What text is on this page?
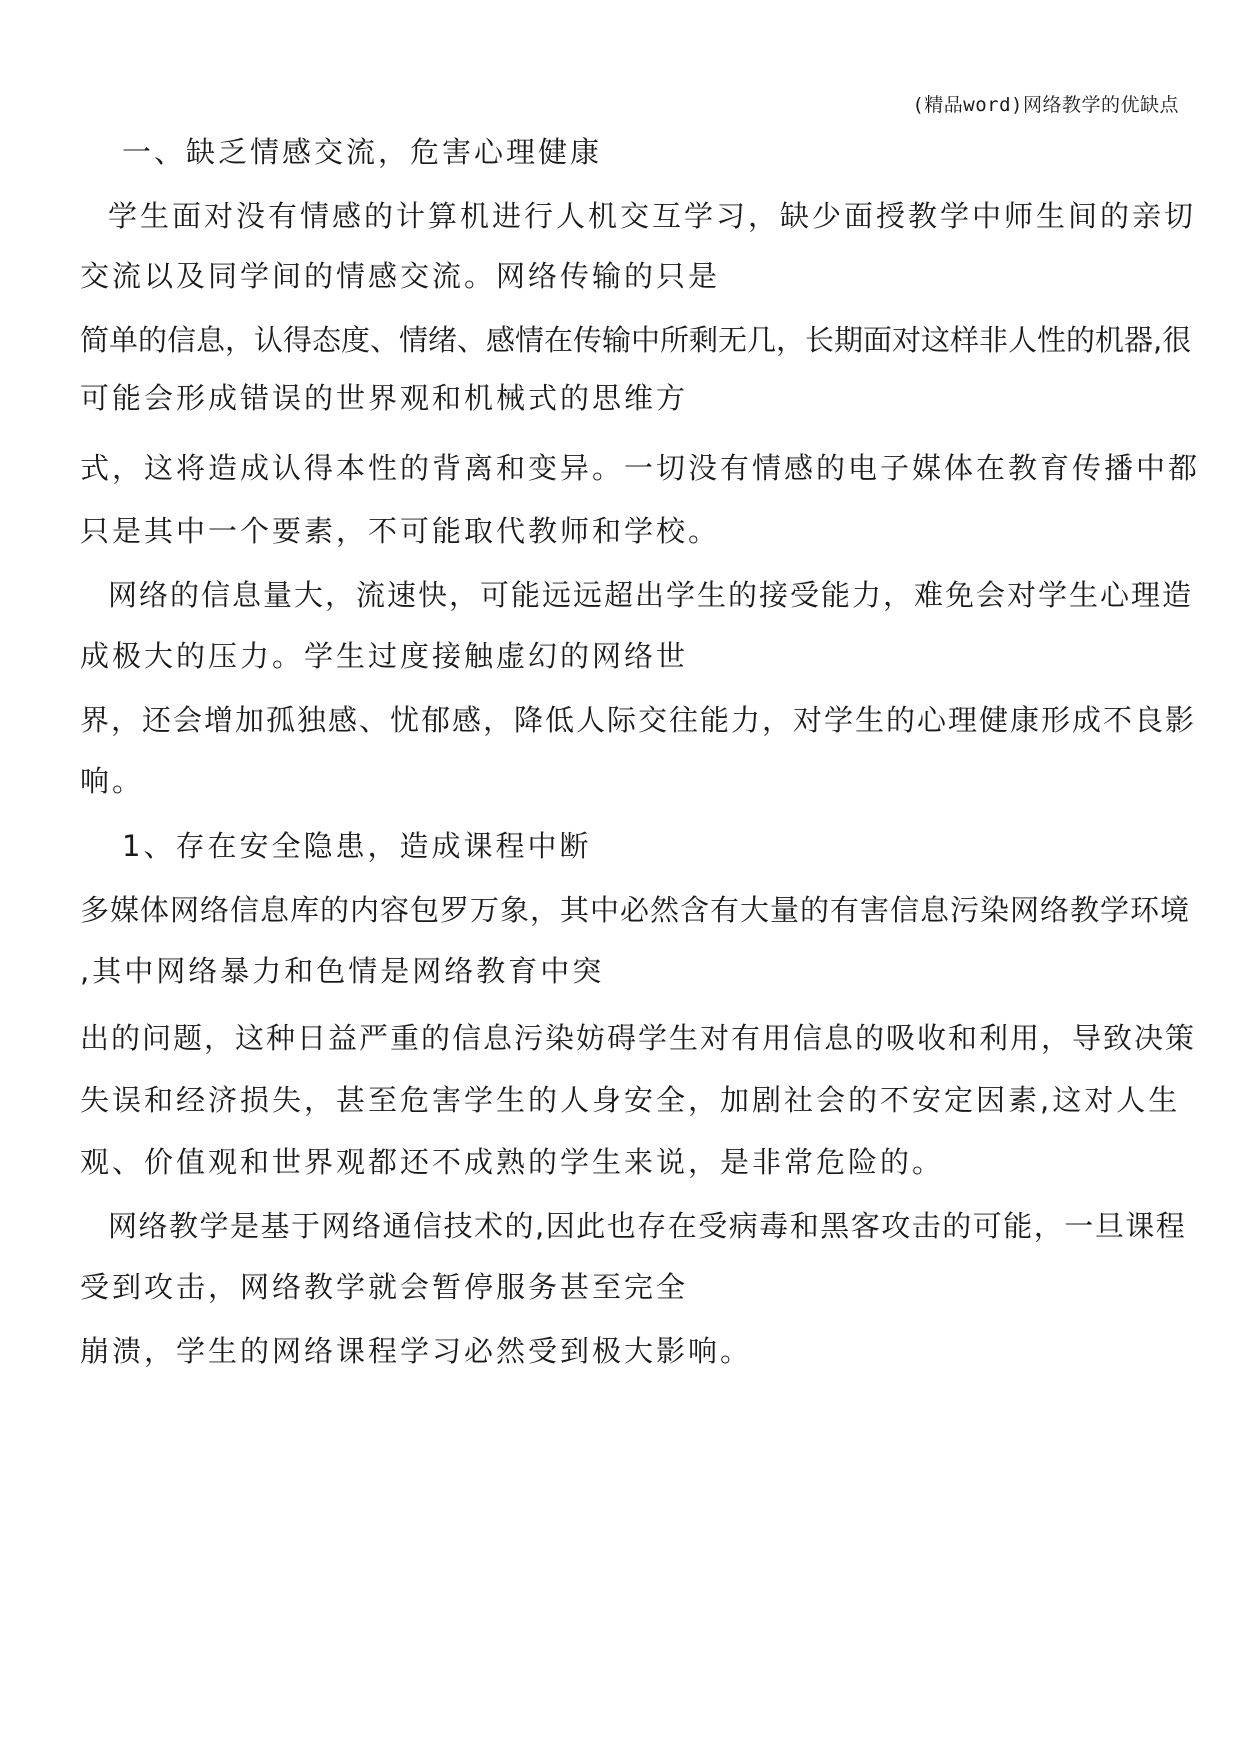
(精品word)网络教学的优缺点
一、缺乏情感交流，危害心理健康
学生面对没有情感的计算机进行人机交互学习，缺少面授教学中师生间的亲切
交流以及同学间的情感交流。网络传输的只是
简单的信息，认得态度、情绪、感情在传输中所剩无几，长期面对这样非人性的机器,很
可能会形成错误的世界观和机械式的思维方
式，这将造成认得本性的背离和变异。一切没有情感的电子媒体在教育传播中都
只是其中一个要素，不可能取代教师和学校。
网络的信息量大，流速快，可能远远超出学生的接受能力，难免会对学生心理造
成极大的压力。学生过度接触虚幻的网络世
界，还会增加孤独感、忧郁感，降低人际交往能力，对学生的心理健康形成不良影
响。
1、存在安全隐患，造成课程中断
多媒体网络信息库的内容包罗万象，其中必然含有大量的有害信息污染网络教学环境
,其中网络暴力和色情是网络教育中突
出的问题，这种日益严重的信息污染妨碍学生对有用信息的吸收和利用，导致决策
失误和经济损失，甚至危害学生的人身安全，加剧社会的不安定因素,这对人生
观、价值观和世界观都还不成熟的学生来说，是非常危险的。
网络教学是基于网络通信技术的,因此也存在受病毒和黑客攻击的可能，一旦课程
受到攻击，网络教学就会暂停服务甚至完全
崩溃，学生的网络课程学习必然受到极大影响。
